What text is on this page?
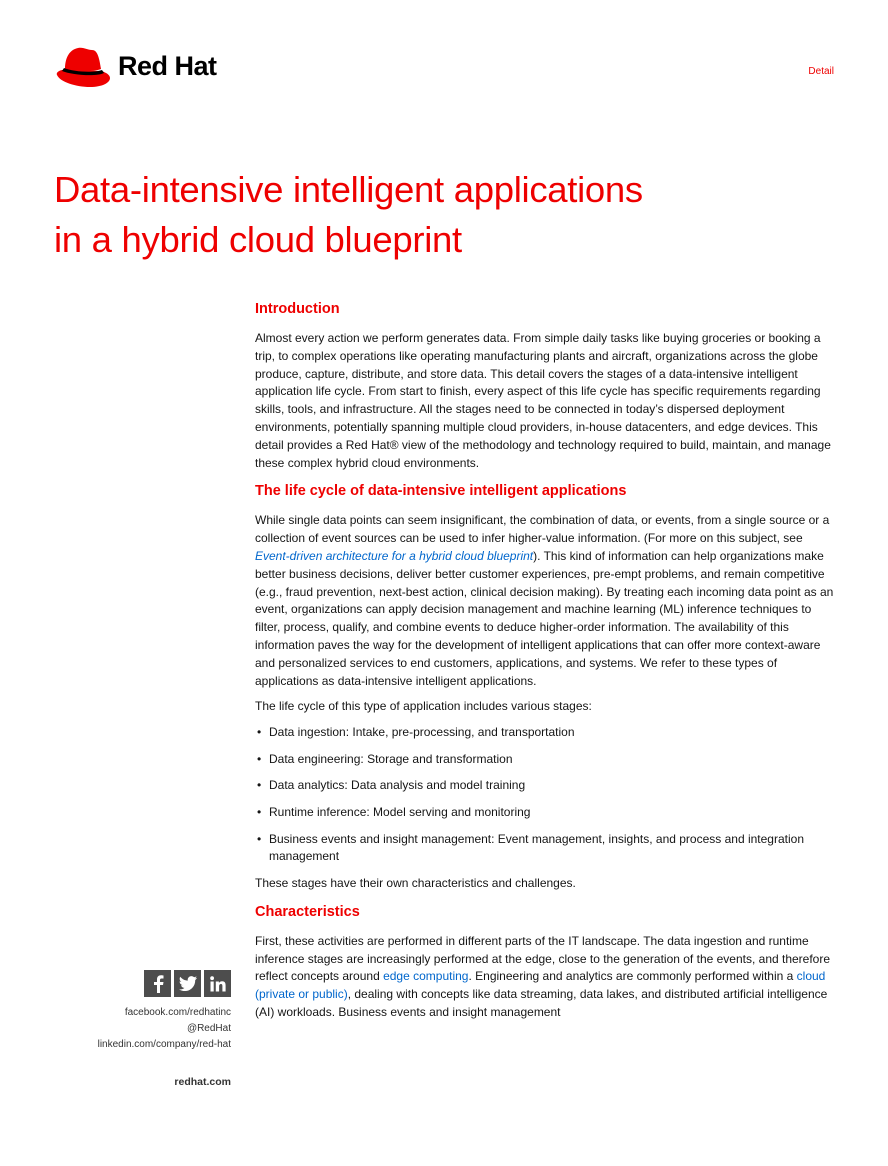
Red Hat	Detail
Data-intensive intelligent applications
in a hybrid cloud blueprint
Introduction

Almost every action we perform generates data. From simple daily tasks like buying groceries or booking a trip, to complex operations like operating manufacturing plants and aircraft, organizations across the globe produce, capture, distribute, and store data. This detail covers the stages of a data-intensive intelligent application life cycle. From start to finish, every aspect of this life cycle has specific requirements regarding skills, tools, and infrastructure. All the stages need to be connected in today’s dispersed deployment environments, potentially spanning multiple cloud providers, in-house datacenters, and edge devices. This detail provides a Red Hat® view of the methodology and technology required to build, maintain, and manage these complex hybrid cloud environments.

The life cycle of data-intensive intelligent applications

While single data points can seem insignificant, the combination of data, or events, from a single source or a collection of event sources can be used to infer higher-value information. (For more on this subject, see Event-driven architecture for a hybrid cloud blueprint). This kind of information can help organizations make better business decisions, deliver better customer experiences, pre-empt problems, and remain competitive (e.g., fraud prevention, next-best action, clinical decision making). By treating each incoming data point as an event, organizations can apply decision management and machine learning (ML) inference techniques to filter, process, qualify, and combine events to deduce higher-order information. The availability of this information paves the way for the development of intelligent applications that can offer more context-aware and personalized services to end customers, applications, and systems. We refer to these types of applications as data-intensive intelligent applications.

The life cycle of this type of application includes various stages:

• Data ingestion: Intake, pre-processing, and transportation
• Data engineering: Storage and transformation
• Data analytics: Data analysis and model training
• Runtime inference: Model serving and monitoring
• Business events and insight management: Event management, insights, and process and integration management

These stages have their own characteristics and challenges.

Characteristics

First, these activities are performed in different parts of the IT landscape. The data ingestion and runtime inference stages are increasingly performed at the edge, close to the generation of the events, and therefore reflect concepts around edge computing. Engineering and analytics are commonly performed within a cloud (private or public), dealing with concepts like data streaming, data lakes, and distributed artificial intelligence (AI) workloads. Business events and insight management

facebook.com/redhatinc
@RedHat
linkedin.com/company/red-hat
redhat.com
